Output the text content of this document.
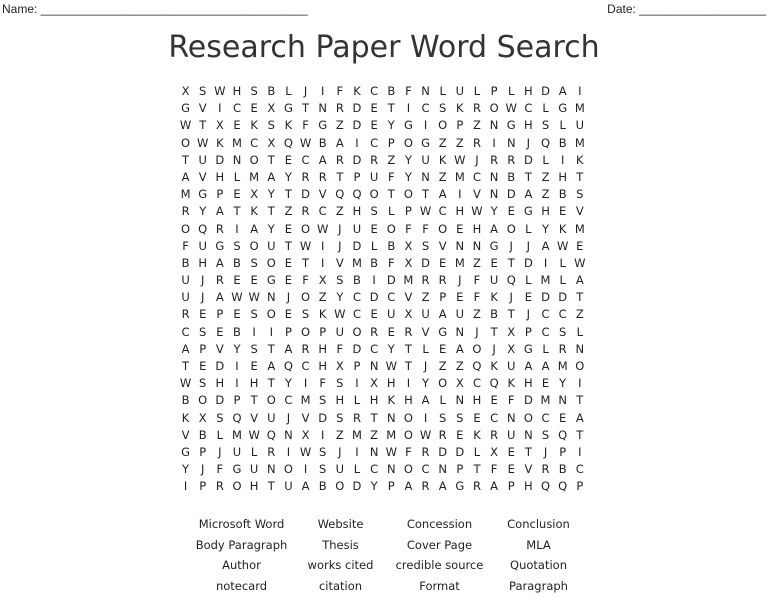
Name: ________________________________________	Date: ___________________
Research Paper Word Search
X S W H S B L	J	I	F K C B F N L U L P L H D A	I
G V	I C E X G T N R D E T	I C S K R O W C L G M
W T X E K S K F G Z D E Y G I O P Z N G H S L U
O W K M C X Q W B A	I C P O G Z Z R I N J Q B M
T U D N O T E C A R D R Z Y U K W J R R D L	I	K
A V H L M A Y R R T P U F Y N Z M C N B T Z H T
M G P E X Y T D V Q Q O T O T A	I	V N D A Z B S
R Y A T K T Z R C Z H S L P W C H W Y E G H E V
O Q R I	A Y E O W J U E O F F O E H A O L Y K M
F U G S O U T W I	J D L B X S V N N G J	J	A W E
B H A B S O E T	I	V M B F X D E M Z E T D I	L W
U J R E E G E F X S B I D M R R J	F U Q L M L A
U J	A W W N J O Z Y C D C V Z P E F K	J	E D D T
R E P E S O E S K W C E U X U A U Z B T	J C C Z
C S E B I	I	P O P U O R E R V G N J	T X P C S L
A P V Y S T A R H F D C Y T L E A O J	X G L R N
T E D I	E A Q C H X P N W T	J	Z Z Q K U A A M O
W S H I H T Y	I	F S	I	X H I	Y O X C Q K H E Y	I
B O D P T O C M S H L H K H A L N H E F D M N T
K X S Q V U J	V D S R T N O I	S S E C N O C E A
V B L M W Q N X I	Z M Z M O W R E K R U N S Q T
G P	J U L R I W S	J	I N W F R D D L X E T	J	P	I
Y	J	F G U N O I	S U L C N O C N P T F E V R B C
I	P R O H T U A B O D Y P A R A G R A P H Q Q P
Microsoft Word	Website	Concession	Conclusion
Body Paragraph	Thesis	Cover Page	MLA
Author	works cited	credible source	Quotation
notecard	citation	Format	Paragraph
